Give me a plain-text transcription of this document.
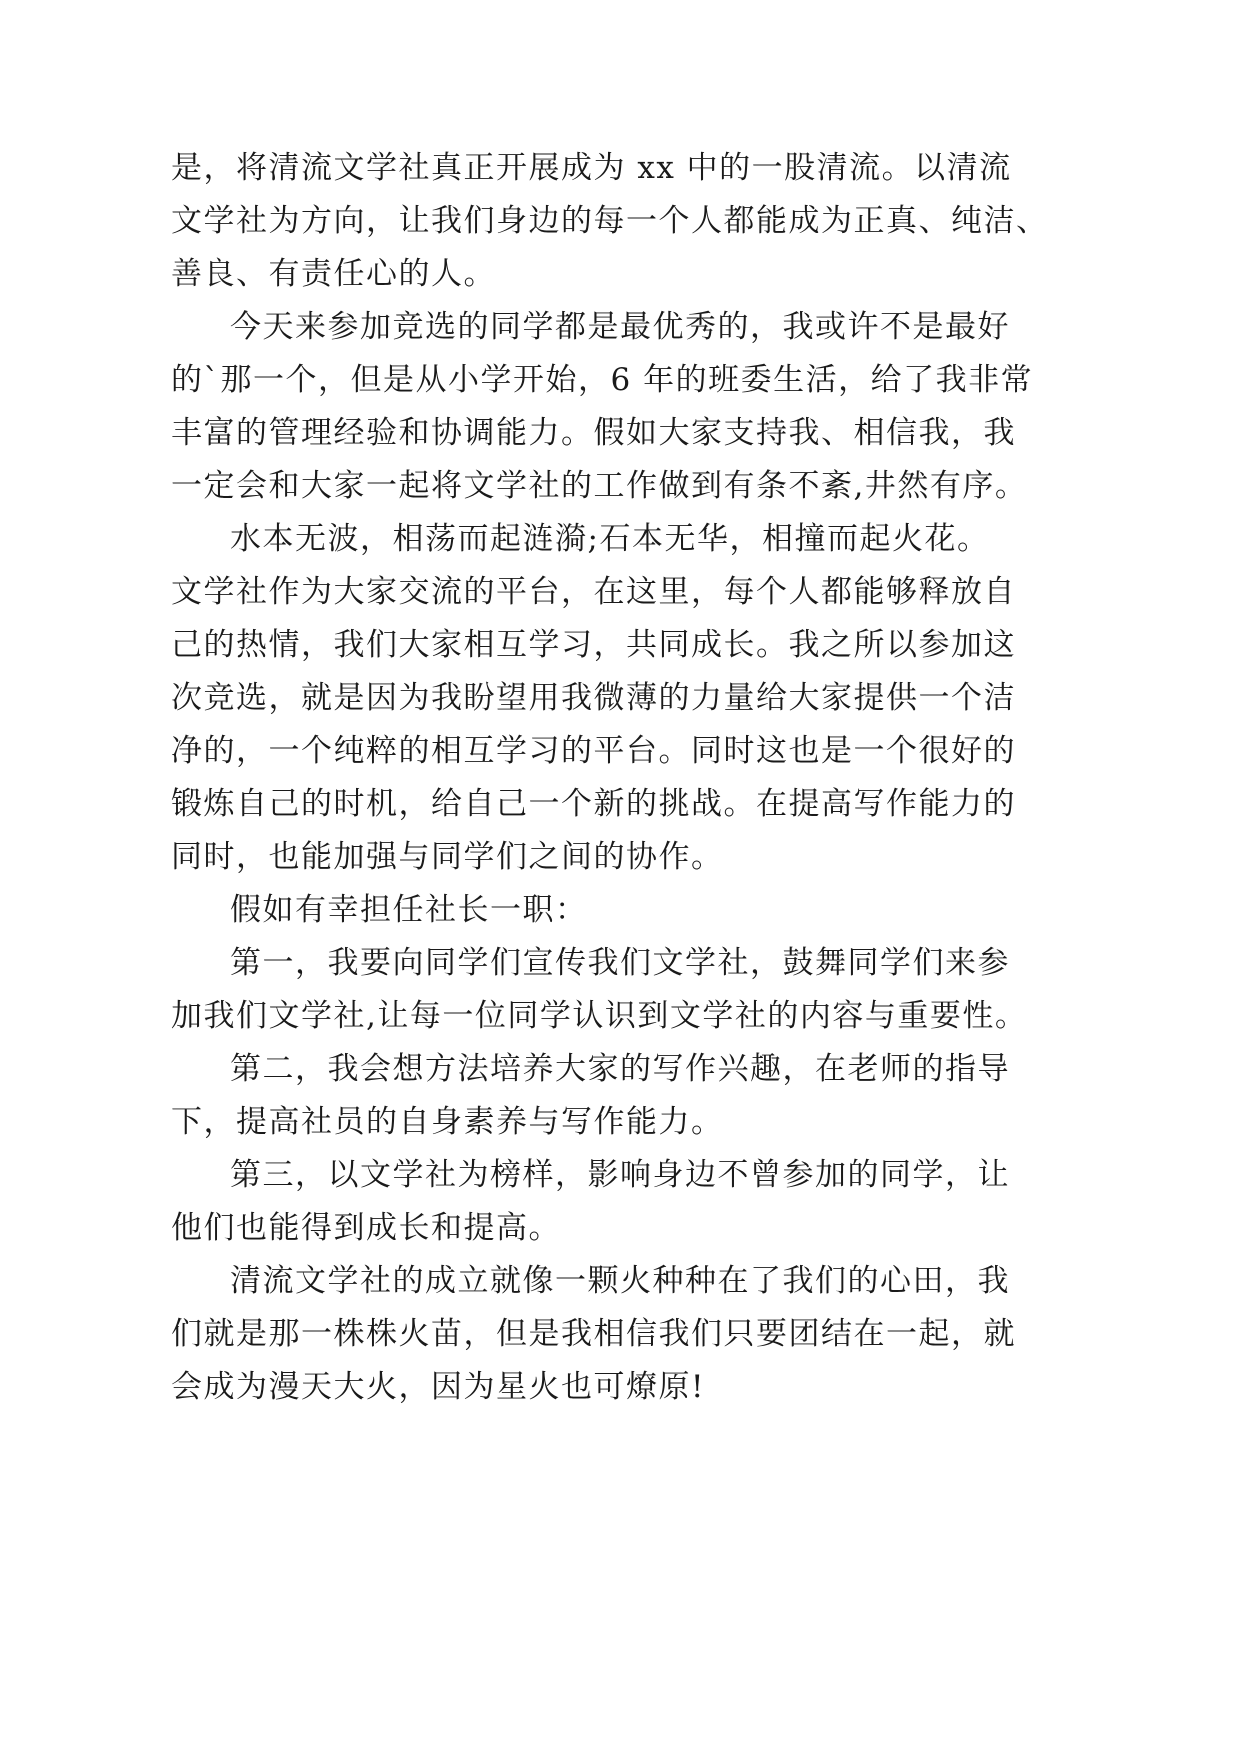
是，将清流文学社真正开展成为 xx 中的一股清流。以清流
文学社为方向，让我们身边的每一个人都能成为正真、纯洁、
善良、有责任心的人。
今天来参加竞选的同学都是最优秀的，我或许不是最好
的`那一个，但是从小学开始，6 年的班委生活，给了我非常
丰富的管理经验和协调能力。假如大家支持我、相信我，我
一定会和大家一起将文学社的工作做到有条不紊,井然有序。
水本无波，相荡而起涟漪;石本无华，相撞而起火花。
文学社作为大家交流的平台，在这里，每个人都能够释放自
己的热情，我们大家相互学习，共同成长。我之所以参加这
次竞选，就是因为我盼望用我微薄的力量给大家提供一个洁
净的，一个纯粹的相互学习的平台。同时这也是一个很好的
锻炼自己的时机，给自己一个新的挑战。在提高写作能力的
同时，也能加强与同学们之间的协作。
假如有幸担任社长一职：
第一，我要向同学们宣传我们文学社，鼓舞同学们来参
加我们文学社,让每一位同学认识到文学社的内容与重要性。
第二，我会想方法培养大家的写作兴趣，在老师的指导
下，提高社员的自身素养与写作能力。
第三，以文学社为榜样，影响身边不曾参加的同学，让
他们也能得到成长和提高。
清流文学社的成立就像一颗火种种在了我们的心田，我
们就是那一株株火苗，但是我相信我们只要团结在一起，就
会成为漫天大火，因为星火也可燎原!
